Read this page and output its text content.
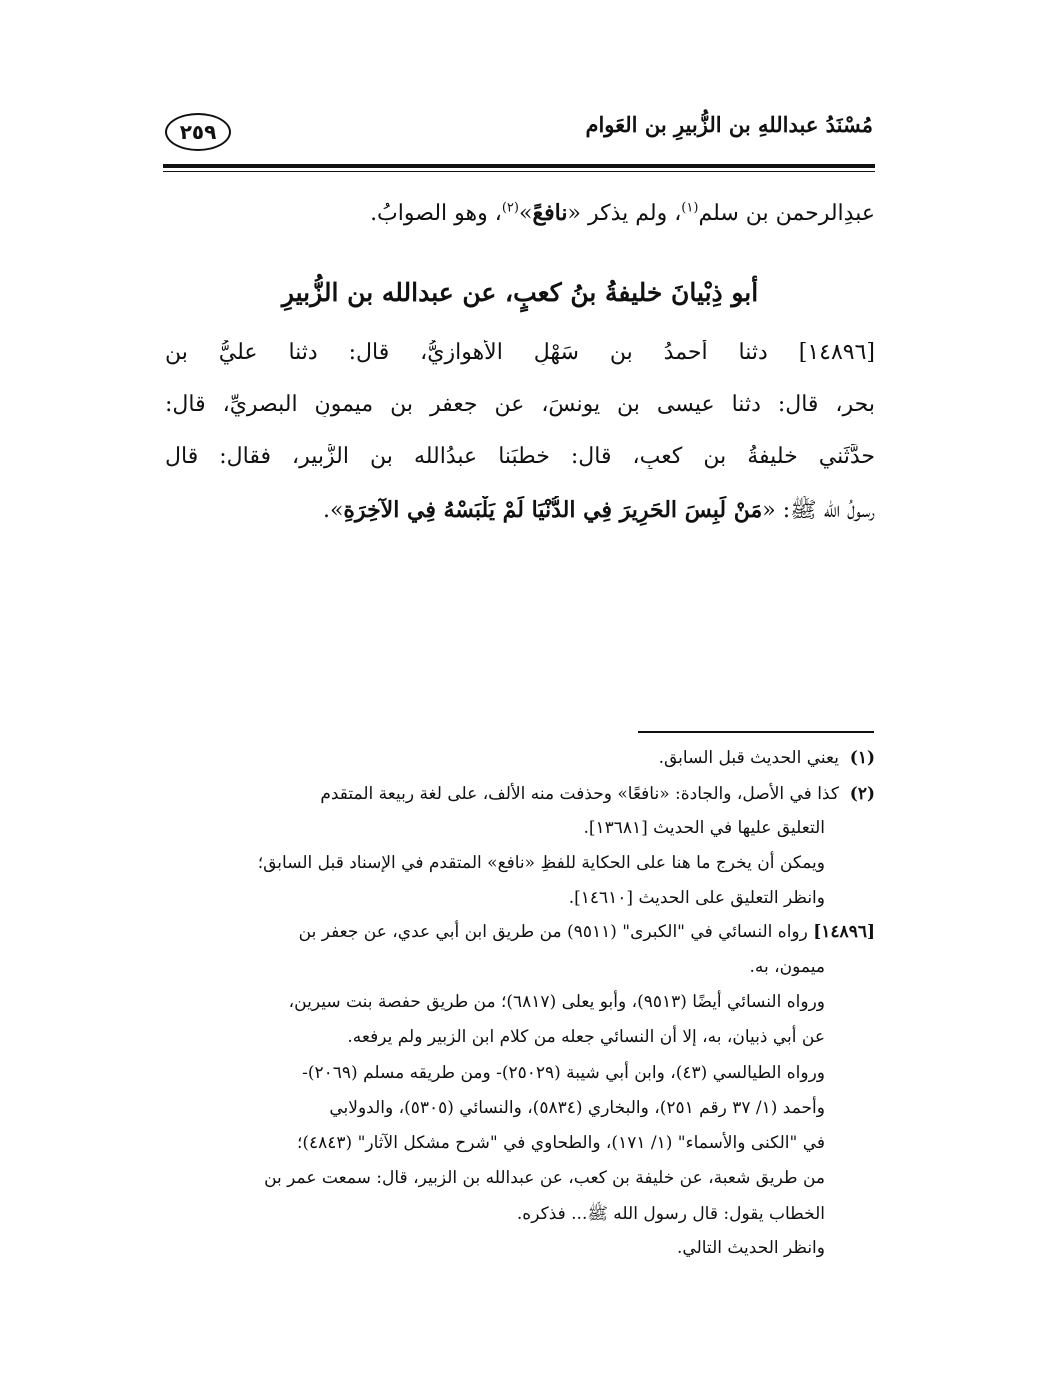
مُسْنَدُ عبداللهِ بن الزُّبيرِ بن العَوام
٢٥٩
عبدِالرحمنِ بن سلمٍ$^{(١)}$، ولم يذكر «نافعً»$^{(٢)}$، وهو الصوابُ.
أبو ذِبْيانَ خليفةُ بنُ كعبٍ، عن عبدالله بن الزُّبيرِ
[١٤٨٩٦] دثنا أحمدُ بن سَهْلٍ الأهوازيُّ، قال: دثنا عليُّ بن
بحرٍ، قال: دثنا عيسى بن يونسَ، عن جعفرِ بن ميمونٍ البصريِّ، قال:
حدَّثَني خليفةُ بن كعبٍ، قال: خطبَنا عبدُالله بن الزُّبيرِ، فقال: قال
رسولُ الله ﷺ: «مَنْ لَبِسَ الحَرِيرَ فِي الدُّنْيَا لَمْ يَلْبَسْهُ فِي الآخِرَةِ».
(١)  يعني الحديث قبل السابق.
(٢)  كذا في الأصل، والجادة: «نافعًا» وحذفت منه الألف، على لغة ربيعة المتقدم
التعليق عليها في الحديث [١٣٦٨١].
ويمكن أن يخرج ما هنا على الحكاية للفظِ «نافع» المتقدم في الإسناد قبل السابق؛
وانظر التعليق على الحديث [١٤٦١٠].
[١٤٨٩٦] رواه النسائي في "الكبرى" (٩٥١١) من طريق ابن أبي عدي، عن جعفر بن
ميمون، به.
ورواه النسائي أيضًا (٩٥١٣)، وأبو يعلى (٦٨١٧)؛ من طريق حفصة بنت سيرين،
عن أبي ذبيان، به، إلا أن النسائي جعله من كلام ابن الزبير ولم يرفعه.
ورواه الطيالسي (٤٣)، وابن أبي شيبة (٢٥٠٢٩)- ومن طريقه مسلم (٢٠٦٩)-
وأحمد (١/ ٣٧ رقم ٢٥١)، والبخاري (٥٨٣٤)، والنسائي (٥٣٠٥)، والدولابي
في "الكنى والأسماء" (١/ ١٧١)، والطحاوي في "شرح مشكل الآثار" (٤٨٤٣)؛
من طريق شعبة، عن خليفة بن كعب، عن عبدالله بن الزبير، قال: سمعت عمر بن
الخطاب يقول: قال رسول الله ﷺ... فذكره.
وانظر الحديث التالي.
